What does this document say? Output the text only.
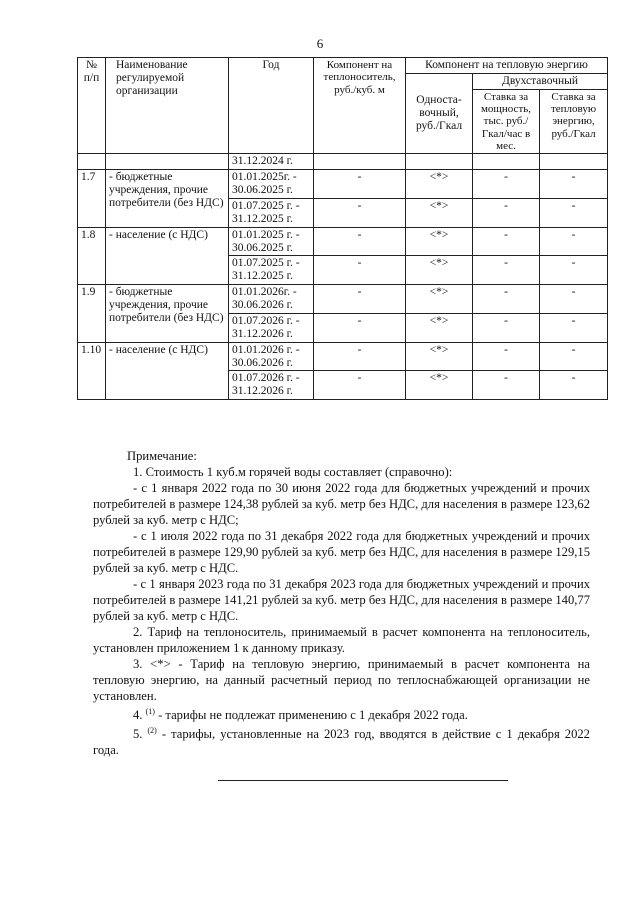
6
№ п/п	Наименование регулируемой организации	Год	Компонент на теплоноситель, руб./куб. м	Компонент на тепловую энергию		
				Односта- вочный, руб./Гкал	Двухставочный	
					Ставка за мощность, тыс. руб./ Гкал/час в мес.	Ставка за тепловую энергию, руб./Гкал
		31.12.2024 г.				
1.7	- бюджетные учреждения, прочие потребители (без НДС)	01.01.2025г. - 30.06.2025 г.	-	<*>	-	-
		01.07.2025 г. - 31.12.2025 г.	-	<*>	-	-
1.8	- население (с НДС)	01.01.2025 г. - 30.06.2025 г.	-	<*>	-	-
		01.07.2025 г. - 31.12.2025 г.	-	<*>	-	-
1.9	- бюджетные учреждения, прочие потребители (без НДС)	01.01.2026г. - 30.06.2026 г.	-	<*>	-	-
		01.07.2026 г. - 31.12.2026 г.	-	<*>	-	-
1.10	- население (с НДС)	01.01.2026 г. - 30.06.2026 г.	-	<*>	-	-
		01.07.2026 г. - 31.12.2026 г.	-	<*>	-	-

Примечание:

1. Стоимость 1 куб.м горячей воды составляет (справочно):

- с 1 января 2022 года по 30 июня 2022 года для бюджетных учреждений и прочих потребителей в размере 124,38 рублей за куб. метр без НДС, для населения в размере 123,62 рублей за куб. метр с НДС;

- с 1 июля 2022 года по 31 декабря 2022 года для бюджетных учреждений и прочих потребителей в размере 129,90 рублей за куб. метр без НДС, для населения в размере 129,15 рублей за куб. метр с НДС.

- с 1 января 2023 года по 31 декабря 2023 года для бюджетных учреждений и прочих потребителей в размере 141,21 рублей за куб. метр без НДС, для населения в размере 140,77 рублей за куб. метр с НДС.

2. Тариф на теплоноситель, принимаемый в расчет компонента на теплоноситель, установлен приложением 1 к данному приказу.

3. <*> - Тариф на тепловую энергию, принимаемый в расчет компонента на тепловую энергию, на данный расчетный период по теплоснабжающей организации не установлен.

4. $^{(1)}$ - тарифы не подлежат применению с 1 декабря 2022 года.

5. $^{(2)}$ - тарифы, установленные на 2023 год, вводятся в действие с 1 декабря 2022 года.
